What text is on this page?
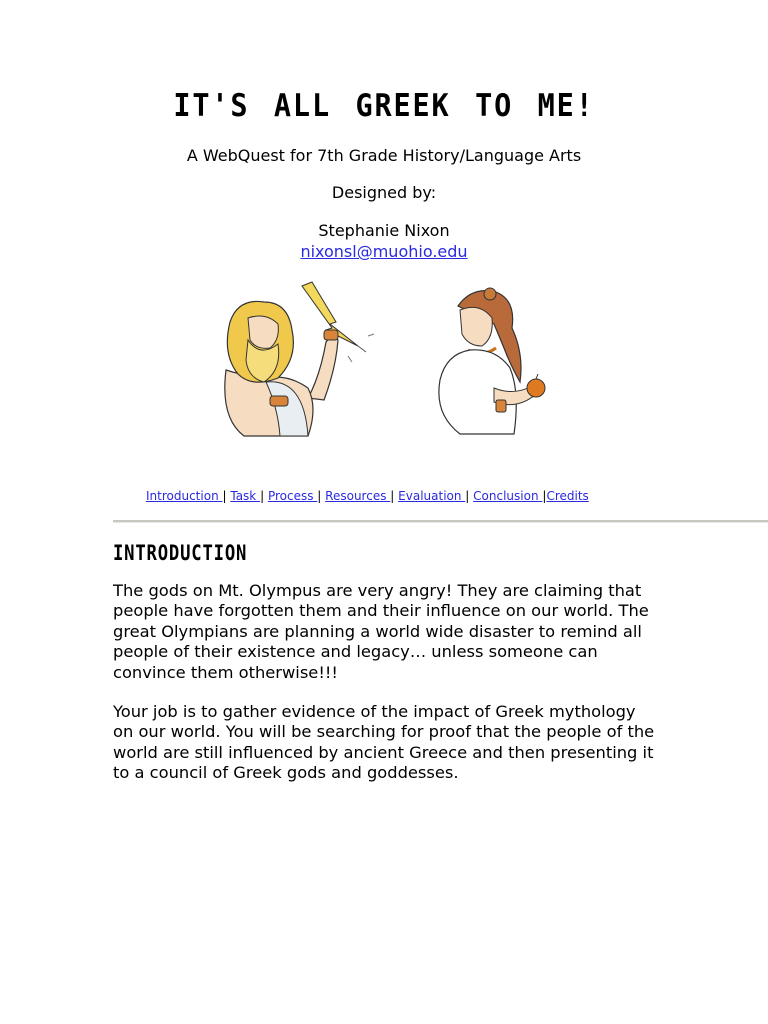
IT'S ALL GREEK TO ME!
A WebQuest for 7th Grade History/Language Arts
Designed by:
Stephanie Nixon
nixonsl@muohio.edu
Introduction | Task | Process | Resources | Evaluation | Conclusion |Credits
INTRODUCTION

The gods on Mt. Olympus are very angry! They are claiming that people have forgotten them and their influence on our world. The great Olympians are planning a world wide disaster to remind all people of their existence and legacy… unless someone can convince them otherwise!!!

Your job is to gather evidence of the impact of Greek mythology on our world. You will be searching for proof that the people of the world are still influenced by ancient Greece and then presenting it to a council of Greek gods and goddesses.
